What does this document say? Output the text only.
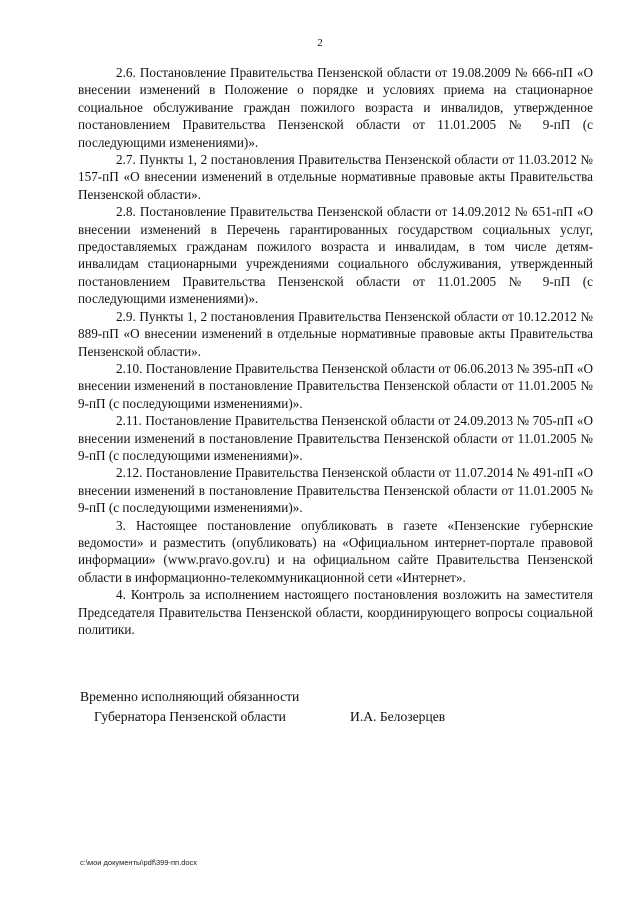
2

2.6. Постановление Правительства Пензенской области от 19.08.2009 № 666-пП «О внесении изменений в Положение о порядке и условиях приема на стационарное социальное обслуживание граждан пожилого возраста и инвалидов, утвержденное постановлением Правительства Пензенской области от 11.01.2005 № 9-пП (с последующими изменениями)».

2.7. Пункты 1, 2 постановления Правительства Пензенской области от 11.03.2012 № 157-пП «О внесении изменений в отдельные нормативные правовые акты Правительства Пензенской области».

2.8. Постановление Правительства Пензенской области от 14.09.2012 № 651-пП «О внесении изменений в Перечень гарантированных государством социальных услуг, предоставляемых гражданам пожилого возраста и инвалидам, в том числе детям-инвалидам стационарными учреждениями социального обслуживания, утвержденный постановлением Правительства Пензенской области от 11.01.2005 № 9-пП (с последующими изменениями)».

2.9. Пункты 1, 2 постановления Правительства Пензенской области от 10.12.2012 № 889-пП «О внесении изменений в отдельные нормативные правовые акты Правительства Пензенской области».

2.10. Постановление Правительства Пензенской области от 06.06.2013 № 395-пП «О внесении изменений в постановление Правительства Пензенской области от 11.01.2005 № 9-пП (с последующими изменениями)».

2.11. Постановление Правительства Пензенской области от 24.09.2013 № 705-пП «О внесении изменений в постановление Правительства Пензенской области от 11.01.2005 № 9-пП (с последующими изменениями)».

2.12. Постановление Правительства Пензенской области от 11.07.2014 № 491-пП «О внесении изменений в постановление Правительства Пензенской области от 11.01.2005 № 9-пП (с последующими изменениями)».

3. Настоящее постановление опубликовать в газете «Пензенские губернские ведомости» и разместить (опубликовать) на «Официальном интернет-портале правовой информации» (www.pravo.gov.ru) и на официальном сайте Правительства Пензенской области в информационно-телекоммуникационной сети «Интернет».

4. Контроль за исполнением настоящего постановления возложить на заместителя Председателя Правительства Пензенской области, координирующего вопросы социальной политики.

Временно исполняющий обязанности
Губернатора Пензенской области	И.А. Белозерцев
c:\мои документы\pdf\399-пп.docx
